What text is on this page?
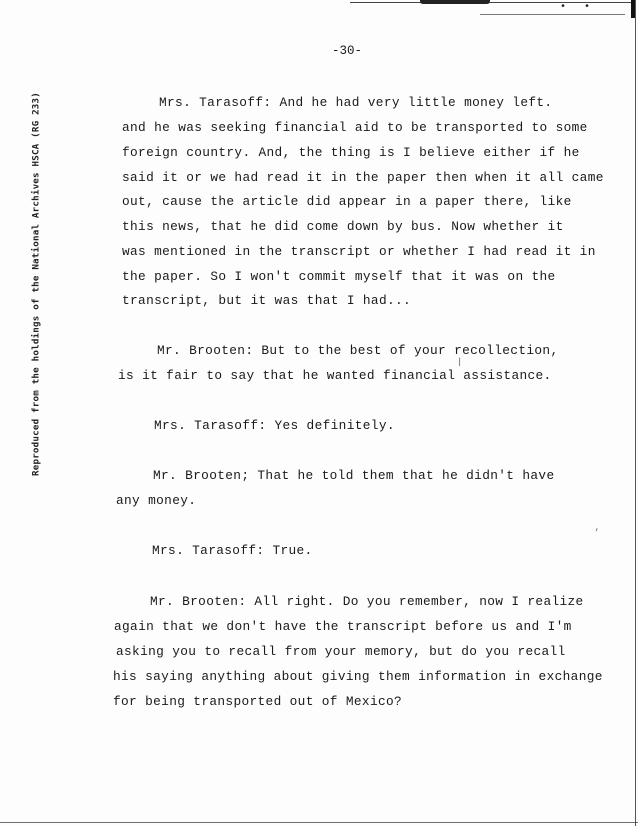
• •
Reproduced from the holdings of the National Archives HSCA (RG 233)
-30-
Mrs. Tarasoff: And he had very little money left.
and he was seeking financial aid to be transported to some
foreign country. And, the thing is I believe either if he
said it or we had read it in the paper then when it all came
out, cause the article did appear in a paper there, like
this news, that he did come down by bus. Now whether it
was mentioned in the transcript or whether I had read it in
the paper. So I won't commit myself that it was on the
transcript, but it was that I had...
Mr. Brooten: But to the best of your recollection,
is it fair to say that he wanted financial assistance.
Mrs. Tarasoff: Yes definitely.
Mr. Brooten; That he told them that he didn't have
any money.
Mrs. Tarasoff: True.
Mr. Brooten: All right. Do you remember, now I realize
again that we don't have the transcript before us and I'm
asking you to recall from your memory, but do you recall
his saying anything about giving them information in exchange
for being transported out of Mexico?
’
|
